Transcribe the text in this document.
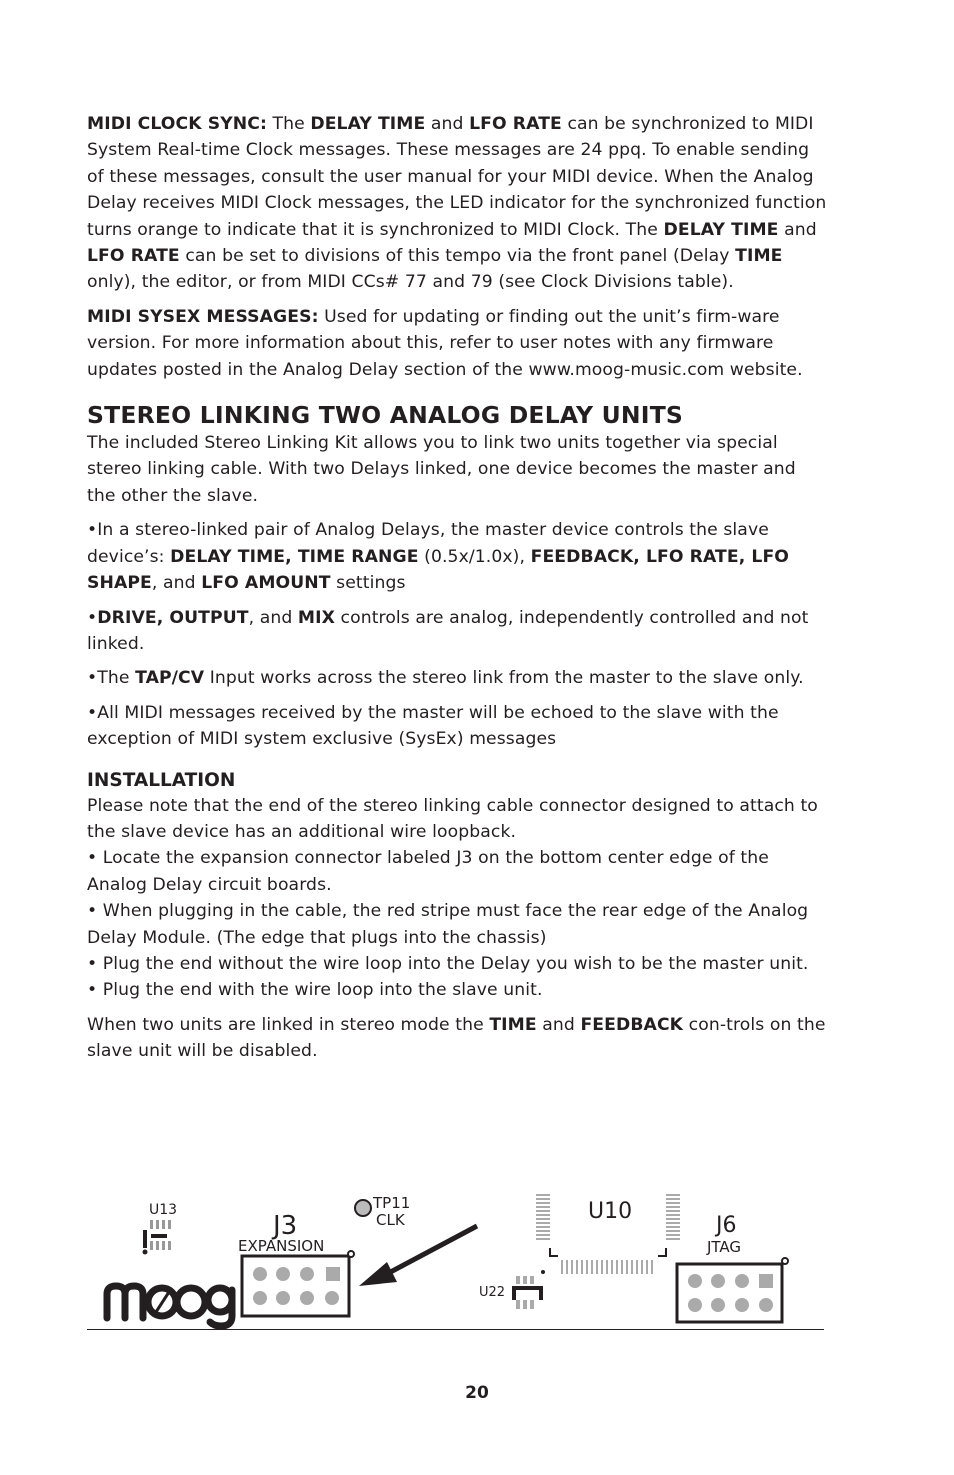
MIDI CLOCK SYNC: The DELAY TIME and LFO RATE can be synchronized to MIDI System Real-time Clock messages. These messages are 24 ppq. To enable sending of these messages, consult the user manual for your MIDI device. When the Analog Delay receives MIDI Clock messages, the LED indicator for the synchronized function turns orange to indicate that it is synchronized to MIDI Clock. The DELAY TIME and LFO RATE can be set to divisions of this tempo via the front panel (Delay TIME only), the editor, or from MIDI CCs# 77 and 79 (see Clock Divisions table).

MIDI SYSEX MESSAGES: Used for updating or finding out the unit’s firm-ware version. For more information about this, refer to user notes with any firmware updates posted in the Analog Delay section of the www.moog-music.com website.

STEREO LINKING TWO ANALOG DELAY UNITS

The included Stereo Linking Kit allows you to link two units together via special stereo linking cable. With two Delays linked, one device becomes the master and the other the slave.

•In a stereo-linked pair of Analog Delays, the master device controls the slave device’s: DELAY TIME, TIME RANGE (0.5x/1.0x), FEEDBACK, LFO RATE, LFO SHAPE, and LFO AMOUNT settings

•DRIVE, OUTPUT, and MIX controls are analog, independently controlled and not linked.

•The TAP/CV Input works across the stereo link from the master to the slave only.

•All MIDI messages received by the master will be echoed to the slave with the exception of MIDI system exclusive (SysEx) messages

INSTALLATION

Please note that the end of the stereo linking cable connector designed to attach to the slave device has an additional wire loopback.

• Locate the expansion connector labeled J3 on the bottom center edge of the Analog Delay circuit boards.

• When plugging in the cable, the red stripe must face the rear edge of the Analog Delay Module. (The edge that plugs into the chassis)

• Plug the end without the wire loop into the Delay you wish to be the master unit.

• Plug the end with the wire loop into the slave unit.

When two units are linked in stereo mode the TIME and FEEDBACK con-trols on the slave unit will be disabled.

U13
J3
EXPANSION
TP11
CLK	U10
U22
J6
JTAG
20
